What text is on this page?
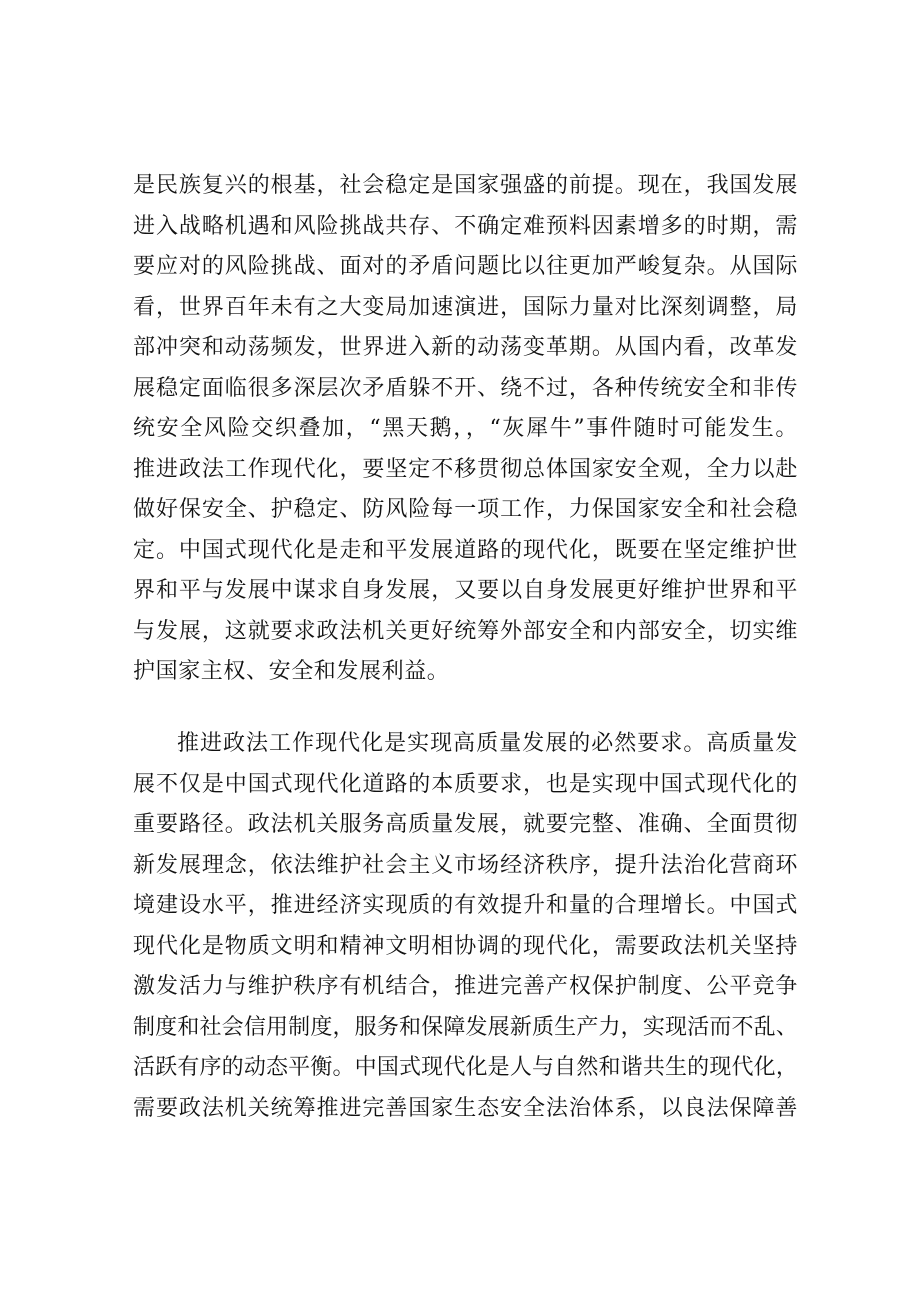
是民族复兴的根基，社会稳定是国家强盛的前提。现在，我国发展
进入战略机遇和风险挑战共存、不确定难预料因素增多的时期，需
要应对的风险挑战、面对的矛盾问题比以往更加严峻复杂。从国际
看，世界百年未有之大变局加速演进，国际力量对比深刻调整，局
部冲突和动荡频发，世界进入新的动荡变革期。从国内看，改革发
展稳定面临很多深层次矛盾躲不开、绕不过，各种传统安全和非传
统安全风险交织叠加，“黑天鹅，，“灰犀牛”事件随时可能发生。
推进政法工作现代化，要坚定不移贯彻总体国家安全观，全力以赴
做好保安全、护稳定、防风险每一项工作，力保国家安全和社会稳
定。中国式现代化是走和平发展道路的现代化，既要在坚定维护世
界和平与发展中谋求自身发展，又要以自身发展更好维护世界和平
与发展，这就要求政法机关更好统筹外部安全和内部安全，切实维
护国家主权、安全和发展利益。
推进政法工作现代化是实现高质量发展的必然要求。高质量发
展不仅是中国式现代化道路的本质要求，也是实现中国式现代化的
重要路径。政法机关服务高质量发展，就要完整、准确、全面贯彻
新发展理念，依法维护社会主义市场经济秩序，提升法治化营商环
境建设水平，推进经济实现质的有效提升和量的合理增长。中国式
现代化是物质文明和精神文明相协调的现代化，需要政法机关坚持
激发活力与维护秩序有机结合，推进完善产权保护制度、公平竞争
制度和社会信用制度，服务和保障发展新质生产力，实现活而不乱、
活跃有序的动态平衡。中国式现代化是人与自然和谐共生的现代化，
需要政法机关统筹推进完善国家生态安全法治体系，以良法保障善
